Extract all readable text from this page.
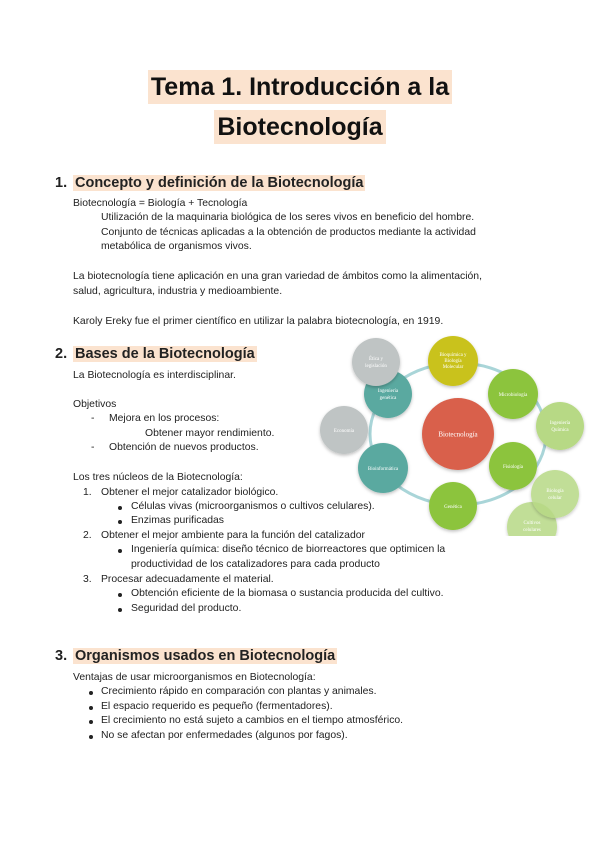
Tema 1. Introducción a la
Biotecnología
1. Concepto y definición de la Biotecnología
Biotecnología = Biología + Tecnología
Utilización de la maquinaria biológica de los seres vivos en beneficio del hombre.
Conjunto de técnicas aplicadas a la obtención de productos mediante la actividad
metabólica de organismos vivos.
La biotecnología tiene aplicación en una gran variedad de ámbitos como la alimentación,
salud, agricultura, industria y medioambiente.
Karoly Ereky fue el primer científico en utilizar la palabra biotecnología, en 1919.
2. Bases de la Biotecnología
La Biotecnología es interdisciplinar.
Objetivos
- Mejora en los procesos:
Obtener mayor rendimiento.
- Obtención de nuevos productos.
Los tres núcleos de la Biotecnología:
1. Obtener el mejor catalizador biológico.
Células vivas (microorganismos o cultivos celulares).
Enzimas purificadas
2. Obtener el mejor ambiente para la función del catalizador
Ingeniería química: diseño técnico de biorreactores que optimicen la
productividad de los catalizadores para cada producto
3. Procesar adecuadamente el material.
Obtención eficiente de la biomasa o sustancia producida del cultivo.
Seguridad del producto.
Biotecnología
Bioquímica y
Biología
Molecular
Microbiología
Ingeniería
Química
Fisiología
Cultivos
celulares
Biología
celular
Genética
Bioinformática
Economía
Ingeniería
genética
Ética y
legislación
3. Organismos usados en Biotecnología
Ventajas de usar microorganismos en Biotecnología:
Crecimiento rápido en comparación con plantas y animales.
El espacio requerido es pequeño (fermentadores).
El crecimiento no está sujeto a cambios en el tiempo atmosférico.
No se afectan por enfermedades (algunos por fagos).
